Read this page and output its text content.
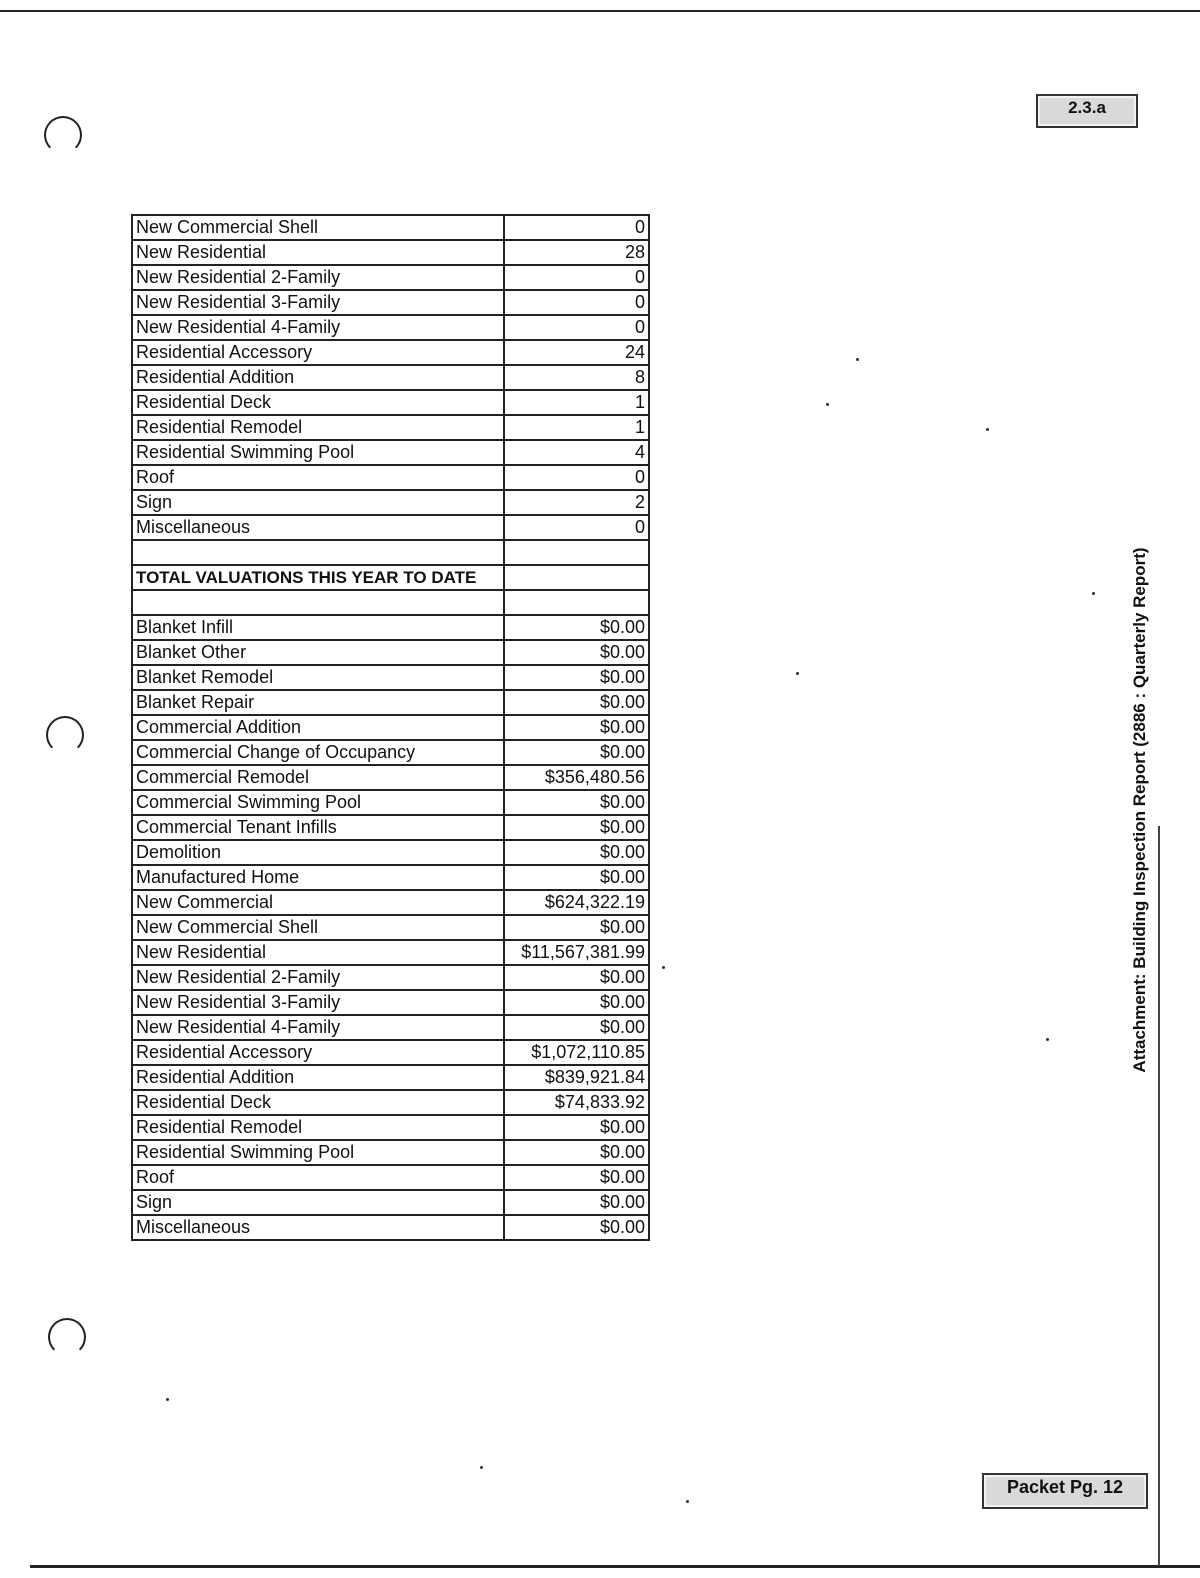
2.3.a
Packet Pg. 12
Attachment: Building Inspection Report (2886 : Quarterly Report)
New Commercial Shell	0
New Residential	28
New Residential 2-Family	0
New Residential 3-Family	0
New Residential 4-Family	0
Residential Accessory	24
Residential Addition	8
Residential Deck	1
Residential Remodel	1
Residential Swimming Pool	4
Roof	0
Sign	2
Miscellaneous	0

TOTAL VALUATIONS THIS YEAR TO DATE	

Blanket Infill	$0.00
Blanket Other	$0.00
Blanket Remodel	$0.00
Blanket Repair	$0.00
Commercial Addition	$0.00
Commercial Change of Occupancy	$0.00
Commercial Remodel	$356,480.56
Commercial Swimming Pool	$0.00
Commercial Tenant Infills	$0.00
Demolition	$0.00
Manufactured Home	$0.00
New Commercial	$624,322.19
New Commercial Shell	$0.00
New Residential	$11,567,381.99
New Residential 2-Family	$0.00
New Residential 3-Family	$0.00
New Residential 4-Family	$0.00
Residential Accessory	$1,072,110.85
Residential Addition	$839,921.84
Residential Deck	$74,833.92
Residential Remodel	$0.00
Residential Swimming Pool	$0.00
Roof	$0.00
Sign	$0.00
Miscellaneous	$0.00
